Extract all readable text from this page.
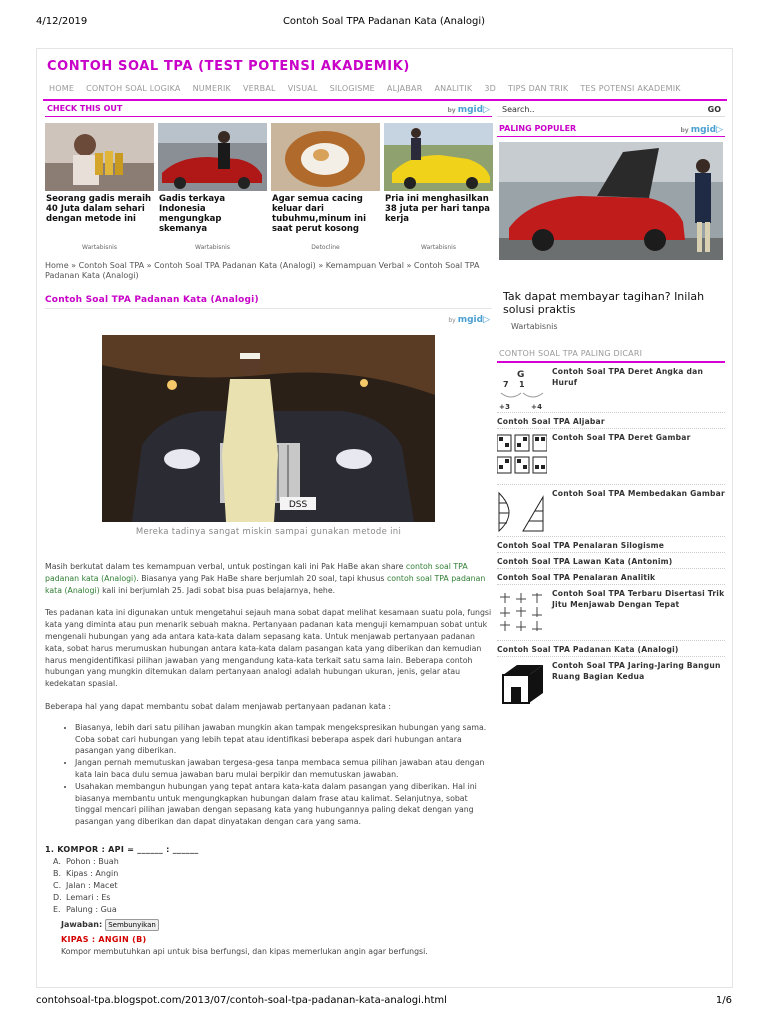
4/12/2019	Contoh Soal TPA Padanan Kata (Analogi)
CONTOH SOAL TPA (TEST POTENSI AKADEMIK)
HOME	CONTOH SOAL LOGIKA	NUMERIK	VERBAL	VISUAL	SILOGISME	ALJABAR	ANALITIK	3D	TIPS DAN TRIK	TES POTENSI AKADEMIK
CHECK THIS OUT	by mgid▷
Seorang gadis meraih 40 Juta dalam sehari dengan metode ini
Wartabisnis
Gadis terkaya Indonesia mengungkap skemanya
Wartabisnis
Agar semua cacing keluar dari tubuhmu,minum ini saat perut kosong
Detocline
Pria ini menghasilkan 38 juta per hari tanpa kerja
Wartabisnis
Home » Contoh Soal TPA » Contoh Soal TPA Padanan Kata (Analogi) » Kemampuan Verbal » Contoh Soal TPA Padanan Kata (Analogi)
Contoh Soal TPA Padanan Kata (Analogi)
by mgid▷
DSS
Mereka tadinya sangat miskin sampai gunakan metode ini

Masih berkutat dalam tes kemampuan verbal, untuk postingan kali ini Pak HaBe akan share contoh soal TPA padanan kata (Analogi). Biasanya yang Pak HaBe share berjumlah 20 soal, tapi khusus contoh soal TPA padanan kata (Analogi) kali ini berjumlah 25. Jadi sobat bisa puas belajarnya, hehe.

Tes padanan kata ini digunakan untuk mengetahui sejauh mana sobat dapat melihat kesamaan suatu pola, fungsi kata yang diminta atau pun menarik sebuah makna. Pertanyaan padanan kata menguji kemampuan sobat untuk mengenali hubungan yang ada antara kata-kata dalam sepasang kata. Untuk menjawab pertanyaan padanan kata, sobat harus merumuskan hubungan antara kata-kata dalam pasangan kata yang diberikan dan kemudian harus mengidentifikasi pilihan jawaban yang mengandung kata-kata terkait satu sama lain. Beberapa contoh hubungan yang mungkin ditemukan dalam pertanyaan analogi adalah hubungan ukuran, jenis, gelar atau kedekatan spasial.

Beberapa hal yang dapat membantu sobat dalam menjawab pertanyaan padanan kata :

• Biasanya, lebih dari satu pilihan jawaban mungkin akan tampak mengekspresikan hubungan yang sama. Coba sobat cari hubungan yang lebih tepat atau identifikasi beberapa aspek dari hubungan antara pasangan yang diberikan.
• Jangan pernah memutuskan jawaban tergesa-gesa tanpa membaca semua pilihan jawaban atau dengan kata lain baca dulu semua jawaban baru mulai berpikir dan memutuskan jawaban.
• Usahakan membangun hubungan yang tepat antara kata-kata dalam pasangan yang diberikan. Hal ini biasanya membantu untuk mengungkapkan hubungan dalam frase atau kalimat. Selanjutnya, sobat tinggal mencari pilihan jawaban dengan sepasang kata yang hubungannya paling dekat dengan yang pasangan yang diberikan dan dapat dinyatakan dengan cara yang sama.
1. KOMPOR : API = ______ : ______
A. Pohon : Buah
B. Kipas : Angin
C. Jalan : Macet
D. Lemari : Es
E. Palung : Gua
Jawaban: Sembunyikan
KIPAS : ANGIN (B)
Kompor membutuhkan api untuk bisa berfungsi, dan kipas memerlukan angin agar berfungsi.
Search..	GO
PALING POPULER	by mgid▷
Tak dapat membayar tagihan? Inilah solusi praktis
Wartabisnis
CONTOH SOAL TPA PALING DICARI
G
7 1
+3	+4
Contoh Soal TPA Deret Angka dan Huruf
Contoh Soal TPA Aljabar
Contoh Soal TPA Deret Gambar
Contoh Soal TPA Membedakan Gambar
Contoh Soal TPA Penalaran Silogisme
Contoh Soal TPA Lawan Kata (Antonim)
Contoh Soal TPA Penalaran Analitik
Contoh Soal TPA Terbaru Disertasi Trik Jitu Menjawab Dengan Tepat
Contoh Soal TPA Padanan Kata (Analogi)
Contoh Soal TPA Jaring-Jaring Bangun Ruang Bagian Kedua
contohsoal-tpa.blogspot.com/2013/07/contoh-soal-tpa-padanan-kata-analogi.html	1/6
